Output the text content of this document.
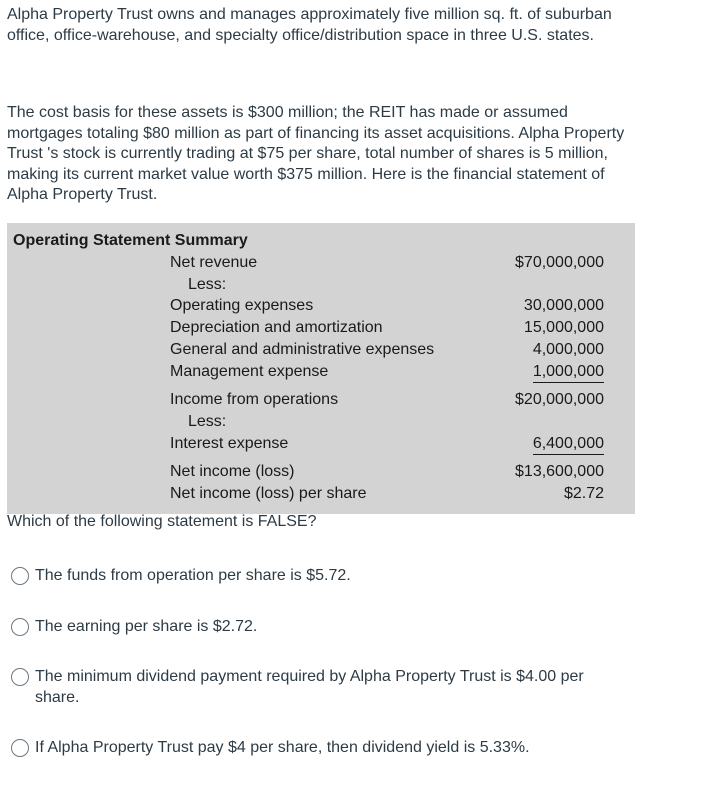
Alpha Property Trust owns and manages approximately five million sq. ft. of suburban office, office-warehouse, and specialty office/distribution space in three U.S. states.

The cost basis for these assets is $300 million; the REIT has made or assumed mortgages totaling $80 million as part of financing its asset acquisitions. Alpha Property Trust 's stock is currently trading at $75 per share, total number of shares is 5 million, making its current market value worth $375 million. Here is the financial statement of Alpha Property Trust.

Operating Statement Summary
Net revenue	$70,000,000
Less:
Operating expenses	30,000,000
Depreciation and amortization	15,000,000
General and administrative expenses	4,000,000
Management expense	1,000,000
Income from operations	$20,000,000
Less:
Interest expense	6,400,000
Net income (loss)	$13,600,000
Net income (loss) per share	$2.72

Which of the following statement is FALSE?

The funds from operation per share is $5.72.
The earning per share is $2.72.
The minimum dividend payment required by Alpha Property Trust is $4.00 per share.
If Alpha Property Trust pay $4 per share, then dividend yield is 5.33%.
